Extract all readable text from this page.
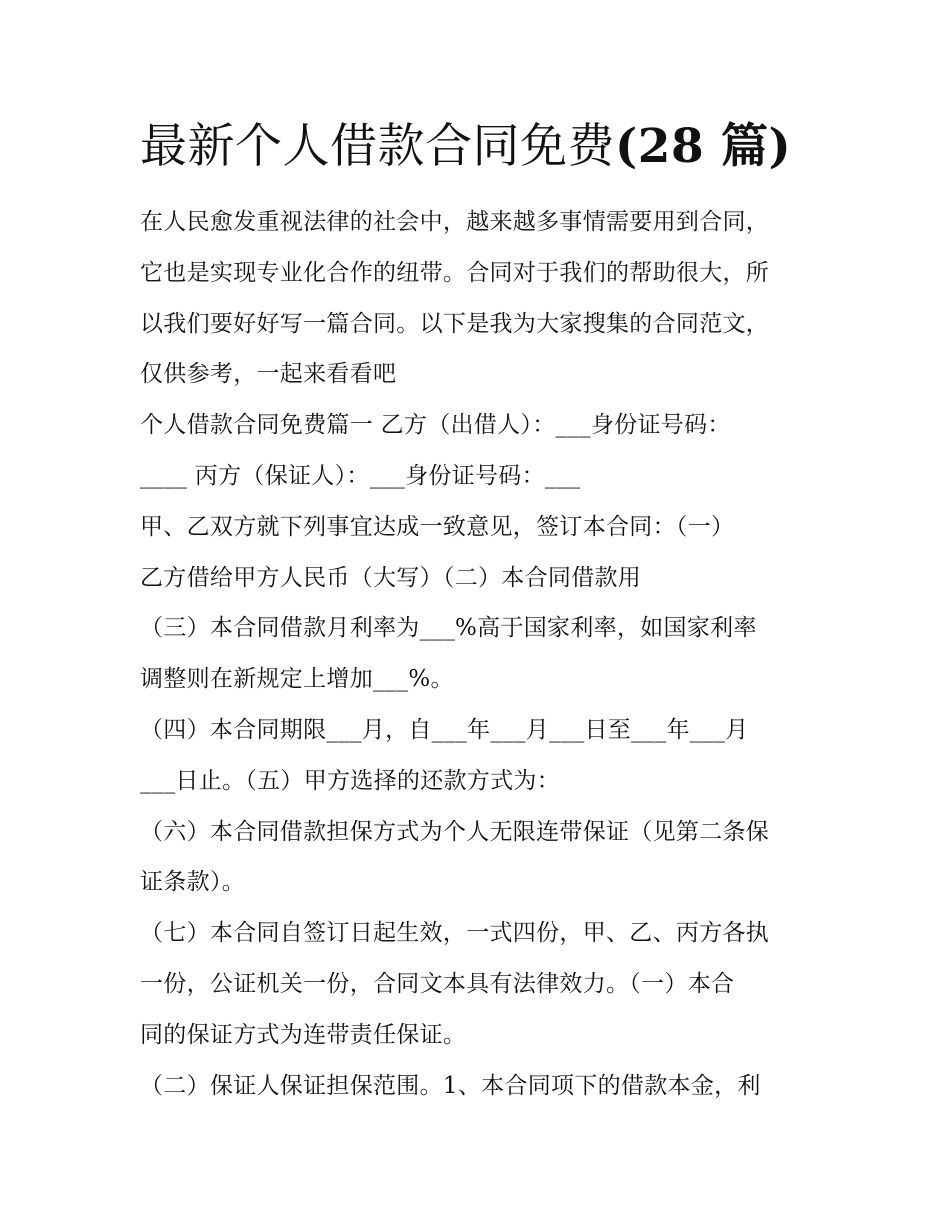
最新个人借款合同免费(28 篇)
在人民愈发重视法律的社会中，越来越多事情需要用到合同，
它也是实现专业化合作的纽带。合同对于我们的帮助很大，所
以我们要好好写一篇合同。以下是我为大家搜集的合同范文，
仅供参考，一起来看看吧
个人借款合同免费篇一 乙方（出借人）：___身份证号码：
____ 丙方（保证人）：___身份证号码：___
甲、乙双方就下列事宜达成一致意见，签订本合同：（一）
乙方借给甲方人民币（大写）（二）本合同借款用
（三）本合同借款月利率为___%高于国家利率，如国家利率
调整则在新规定上增加___%。
（四）本合同期限___月，自___年___月___日至___年___月
___日止。（五）甲方选择的还款方式为：
（六）本合同借款担保方式为个人无限连带保证（见第二条保
证条款）。
（七）本合同自签订日起生效，一式四份，甲、乙、丙方各执
一份，公证机关一份，合同文本具有法律效力。（一）本合
同的保证方式为连带责任保证。
（二）保证人保证担保范围。1、本合同项下的借款本金，利
